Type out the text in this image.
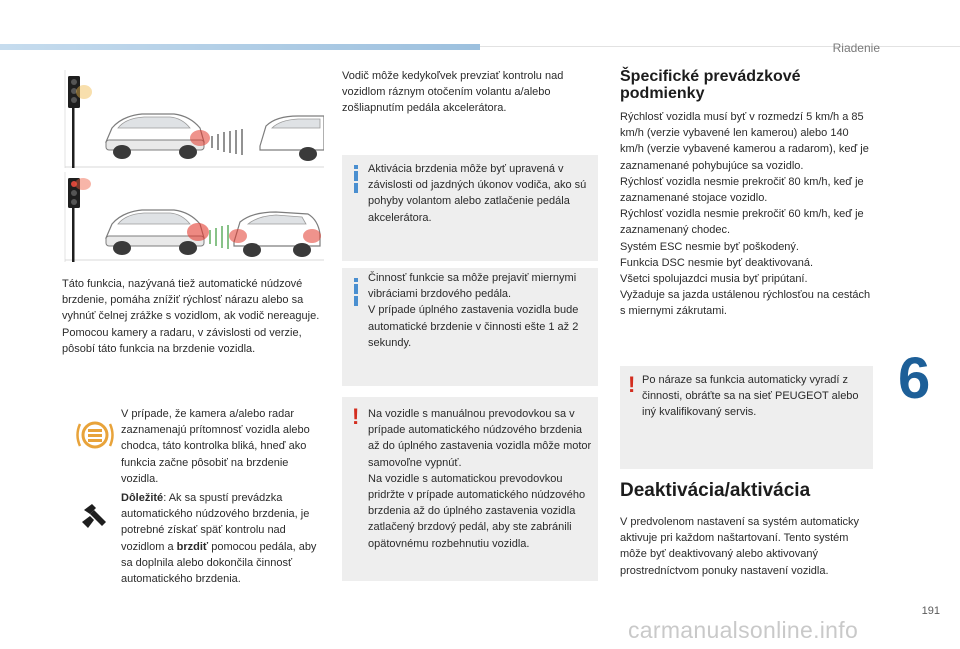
Riadenie
6

Táto funkcia, nazývaná tiež automatické núdzové brzdenie, pomáha znížiť rýchlosť nárazu alebo sa vyhnúť čelnej zrážke s vozidlom, ak vodič nereaguje.

Pomocou kamery a radaru, v závislosti od verzie, pôsobí táto funkcia na brzdenie vozidla.

V prípade, že kamera a/alebo radar zaznamenajú prítomnosť vozidla alebo chodca, táto kontrolka bliká, hneď ako funkcia začne pôsobiť na brzdenie vozidla.
Dôležité: Ak sa spustí prevádzka automatického núdzového brzdenia, je potrebné získať späť kontrolu nad vozidlom a brzdiť pomocou pedála, aby sa doplnila alebo dokončila činnosť automatického brzdenia.
Vodič môže kedykoľvek prevziať kontrolu nad vozidlom ráznym otočením volantu a/alebo zošliapnutím pedála akcelerátora.
Aktivácia brzdenia môže byť upravená v závislosti od jazdných úkonov vodiča, ako sú pohyby volantom alebo zatlačenie pedála akcelerátora.

Činnosť funkcie sa môže prejaviť miernymi vibráciami brzdového pedála.

V prípade úplného zastavenia vozidla bude automatické brzdenie v činnosti ešte 1 až 2 sekundy.

! Na vozidle s manuálnou prevodovkou sa v prípade automatického núdzového brzdenia až do úplného zastavenia vozidla môže motor samovoľne vypnúť.

Na vozidle s automatickou prevodovkou pridržte v prípade automatického núdzového brzdenia až do úplného zastavenia vozidla zatlačený brzdový pedál, aby ste zabránili opätovnému rozbehnutiu vozidla.

Špecifické prevádzkové podmienky
Rýchlosť vozidla musí byť v rozmedzí 5 km/h a 85 km/h (verzie vybavené len kamerou) alebo 140 km/h (verzie vybavené kamerou a radarom), keď je zaznamenané pohybujúce sa vozidlo.
Rýchlosť vozidla nesmie prekročiť 80 km/h, keď je zaznamenané stojace vozidlo.
Rýchlosť vozidla nesmie prekročiť 60 km/h, keď je zaznamenaný chodec.
Systém ESC nesmie byť poškodený.
Funkcia DSC nesmie byť deaktivovaná.
Všetci spolujazdci musia byť pripútaní.
Vyžaduje sa jazda ustálenou rýchlosťou na cestách s miernymi zákrutami.
! Po náraze sa funkcia automaticky vyradí z činnosti, obráťte sa na sieť PEUGEOT alebo iný kvalifikovaný servis.
Deaktivácia/aktivácia
V predvolenom nastavení sa systém automaticky aktivuje pri každom naštartovaní. Tento systém môže byť deaktivovaný alebo aktivovaný prostredníctvom ponuky nastavení vozidla.
191
carmanualsonline.info
